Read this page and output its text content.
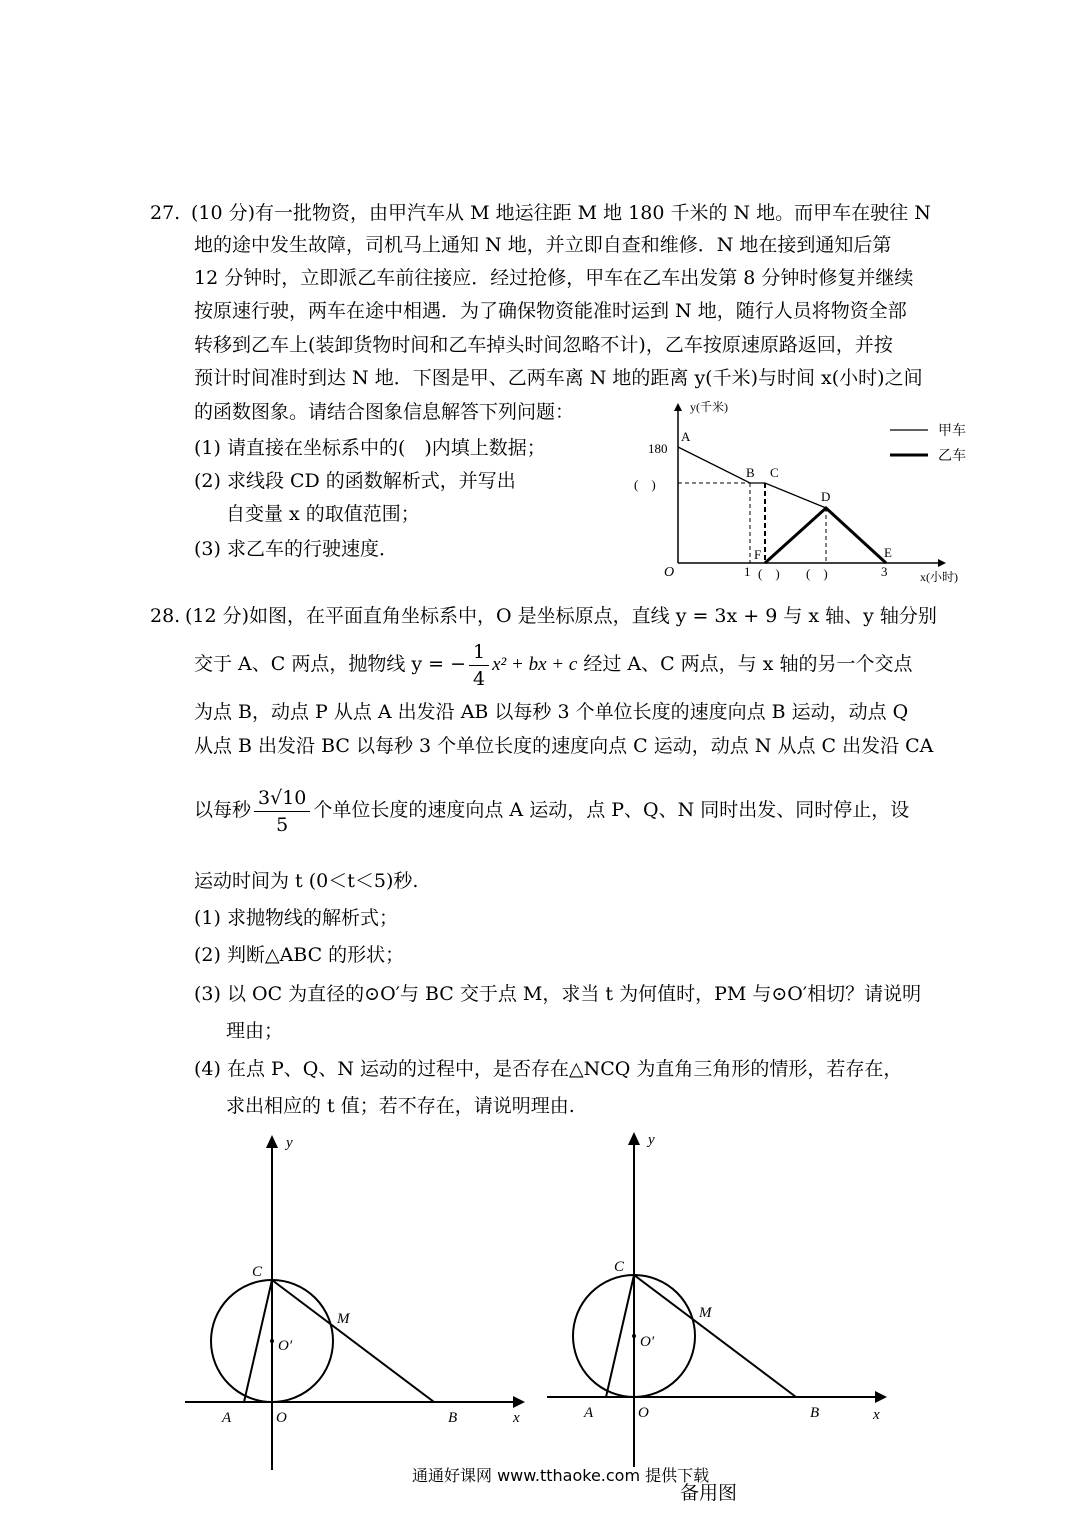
27. (10 分)有一批物资，由甲汽车从 M 地运往距 M 地 180 千米的 N 地。而甲车在驶往 N
地的途中发生故障，司机马上通知 N 地，并立即自查和维修．N 地在接到通知后第
12 分钟时，立即派乙车前往接应．经过抢修，甲车在乙车出发第 8 分钟时修复并继续
按原速行驶，两车在途中相遇．为了确保物资能准时运到 N 地，随行人员将物资全部
转移到乙车上(装卸货物时间和乙车掉头时间忽略不计)，乙车按原速原路返回，并按
预计时间准时到达 N 地．下图是甲、乙两车离 N 地的距离 y(千米)与时间 x(小时)之间
的函数图象。请结合图象信息解答下列问题：
(1) 请直接在坐标系中的(　)内填上数据；
(2) 求线段 CD 的函数解析式，并写出
自变量 x 的取值范围；
(3) 求乙车的行驶速度．
y(千米)
x(小时)
O
180
(　)
A
B C
D
E
F
1 (　) (　)	3
甲车
乙车
28. (12 分)如图，在平面直角坐标系中，O 是坐标原点，直线 y = 3x + 9 与 x 轴、y 轴分别
交于 A、C 两点，抛物线 y = − $\frac{1}{4} x^2$ + bx + c 经过 A、C 两点，与 x 轴的另一个交点
为点 B，动点 P 从点 A 出发沿 AB 以每秒 3 个单位长度的速度向点 B 运动，动点 Q
从点 B 出发沿 BC 以每秒 3 个单位长度的速度向点 C 运动，动点 N 从点 C 出发沿 CA
以每秒 $\frac{3√10}{5}$ 个单位长度的速度向点 A 运动，点 P、Q、N 同时出发、同时停止，设
运动时间为 t (0＜t＜5)秒.
(1) 求抛物线的解析式；
(2) 判断△ABC 的形状；
(3) 以 OC 为直径的⊙O′与 BC 交于点 M，求当 t 为何值时，PM 与⊙O′相切？请说明
理由；
(4) 在点 P、Q、N 运动的过程中，是否存在△NCQ 为直角三角形的情形，若存在，
求出相应的 t 值；若不存在，请说明理由.
y
x
C
M
O′
A	O	B
y
x
C
M
O′
A	O	B
通通好课网 www.tthaoke.com 提供下载
备用图
